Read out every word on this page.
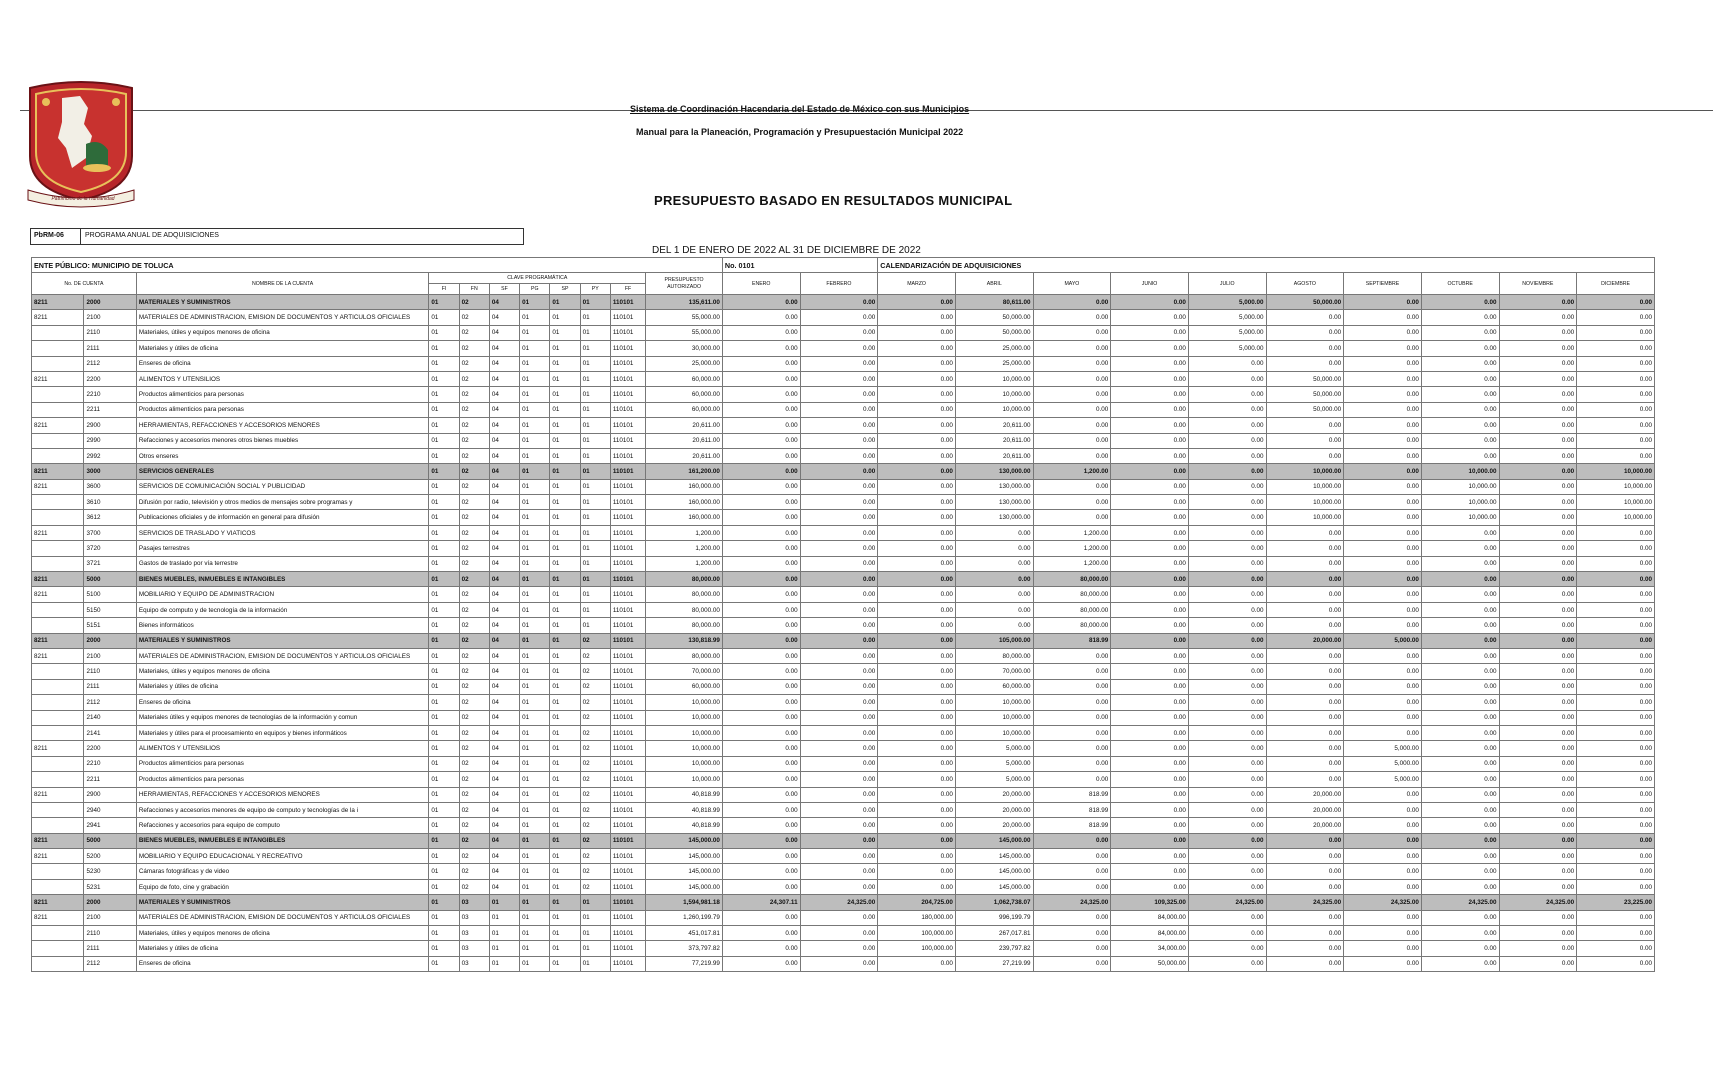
Patrimonio de la Humanidad
Sistema de Coordinación Hacendaria del Estado de México con sus Municipios
Manual para la Planeación, Programación y Presupuestación Municipal 2022
PRESUPUESTO BASADO EN RESULTADOS MUNICIPAL
PbRM-06	PROGRAMA ANUAL DE ADQUISICIONES
DEL 1 DE ENERO DE 2022 AL 31 DE DICIEMBRE DE 2022
ENTE PÚBLICO: MUNICIPIO DE TOLUCA											No. 0101		CALENDARIZACIÓN DE ADQUISICIONES									
No. DE CUENTA		NOMBRE DE LA CUENTA	CLAVE PROGRAMÁTICA							PRESUPUESTO AUTORIZADO	ENERO	FEBRERO	MARZO	ABRIL	MAYO	JUNIO	JULIO	AGOSTO	SEPTIEMBRE	OCTUBRE	NOVIEMBRE	DICIEMBRE
			FI	FN	SF	PG	SP	PY	FF													
8211	2000	MATERIALES Y SUMINISTROS	01	02	04	01	01	01	110101	135,611.00	0.00	0.00	0.00	80,611.00	0.00	0.00	5,000.00	50,000.00	0.00	0.00	0.00	0.00
8211	2100	MATERIALES DE ADMINISTRACION, EMISION DE DOCUMENTOS Y ARTICULOS OFICIALES	01	02	04	01	01	01	110101	55,000.00	0.00	0.00	0.00	50,000.00	0.00	0.00	5,000.00	0.00	0.00	0.00	0.00	0.00
	2110	Materiales, útiles y equipos menores de oficina	01	02	04	01	01	01	110101	55,000.00	0.00	0.00	0.00	50,000.00	0.00	0.00	5,000.00	0.00	0.00	0.00	0.00	0.00
	2111	Materiales y útiles de oficina	01	02	04	01	01	01	110101	30,000.00	0.00	0.00	0.00	25,000.00	0.00	0.00	5,000.00	0.00	0.00	0.00	0.00	0.00
	2112	Enseres de oficina	01	02	04	01	01	01	110101	25,000.00	0.00	0.00	0.00	25,000.00	0.00	0.00	0.00	0.00	0.00	0.00	0.00	0.00
8211	2200	ALIMENTOS Y UTENSILIOS	01	02	04	01	01	01	110101	60,000.00	0.00	0.00	0.00	10,000.00	0.00	0.00	0.00	50,000.00	0.00	0.00	0.00	0.00
	2210	Productos alimenticios para personas	01	02	04	01	01	01	110101	60,000.00	0.00	0.00	0.00	10,000.00	0.00	0.00	0.00	50,000.00	0.00	0.00	0.00	0.00
	2211	Productos alimenticios para personas	01	02	04	01	01	01	110101	60,000.00	0.00	0.00	0.00	10,000.00	0.00	0.00	0.00	50,000.00	0.00	0.00	0.00	0.00
8211	2900	HERRAMIENTAS, REFACCIONES Y ACCESORIOS MENORES	01	02	04	01	01	01	110101	20,611.00	0.00	0.00	0.00	20,611.00	0.00	0.00	0.00	0.00	0.00	0.00	0.00	0.00
	2990	Refacciones y accesorios menores otros bienes muebles	01	02	04	01	01	01	110101	20,611.00	0.00	0.00	0.00	20,611.00	0.00	0.00	0.00	0.00	0.00	0.00	0.00	0.00
	2992	Otros enseres	01	02	04	01	01	01	110101	20,611.00	0.00	0.00	0.00	20,611.00	0.00	0.00	0.00	0.00	0.00	0.00	0.00	0.00
8211	3000	SERVICIOS GENERALES	01	02	04	01	01	01	110101	161,200.00	0.00	0.00	0.00	130,000.00	1,200.00	0.00	0.00	10,000.00	0.00	10,000.00	0.00	10,000.00
8211	3600	SERVICIOS DE COMUNICACIÓN SOCIAL Y PUBLICIDAD	01	02	04	01	01	01	110101	160,000.00	0.00	0.00	0.00	130,000.00	0.00	0.00	0.00	10,000.00	0.00	10,000.00	0.00	10,000.00
	3610	Difusión por radio, televisión y otros medios de mensajes sobre programas y	01	02	04	01	01	01	110101	160,000.00	0.00	0.00	0.00	130,000.00	0.00	0.00	0.00	10,000.00	0.00	10,000.00	0.00	10,000.00
	3612	Publicaciones oficiales y de información en general para difusión	01	02	04	01	01	01	110101	160,000.00	0.00	0.00	0.00	130,000.00	0.00	0.00	0.00	10,000.00	0.00	10,000.00	0.00	10,000.00
8211	3700	SERVICIOS DE TRASLADO Y VIATICOS	01	02	04	01	01	01	110101	1,200.00	0.00	0.00	0.00	0.00	1,200.00	0.00	0.00	0.00	0.00	0.00	0.00	0.00
	3720	Pasajes terrestres	01	02	04	01	01	01	110101	1,200.00	0.00	0.00	0.00	0.00	1,200.00	0.00	0.00	0.00	0.00	0.00	0.00	0.00
	3721	Gastos de traslado por vía terrestre	01	02	04	01	01	01	110101	1,200.00	0.00	0.00	0.00	0.00	1,200.00	0.00	0.00	0.00	0.00	0.00	0.00	0.00
8211	5000	BIENES MUEBLES, INMUEBLES E INTANGIBLES	01	02	04	01	01	01	110101	80,000.00	0.00	0.00	0.00	0.00	80,000.00	0.00	0.00	0.00	0.00	0.00	0.00	0.00
8211	5100	MOBILIARIO Y EQUIPO DE ADMINISTRACION	01	02	04	01	01	01	110101	80,000.00	0.00	0.00	0.00	0.00	80,000.00	0.00	0.00	0.00	0.00	0.00	0.00	0.00
	5150	Equipo de computo y de tecnología de la información	01	02	04	01	01	01	110101	80,000.00	0.00	0.00	0.00	0.00	80,000.00	0.00	0.00	0.00	0.00	0.00	0.00	0.00
	5151	Bienes informáticos	01	02	04	01	01	01	110101	80,000.00	0.00	0.00	0.00	0.00	80,000.00	0.00	0.00	0.00	0.00	0.00	0.00	0.00
8211	2000	MATERIALES Y SUMINISTROS	01	02	04	01	01	02	110101	130,818.99	0.00	0.00	0.00	105,000.00	818.99	0.00	0.00	20,000.00	5,000.00	0.00	0.00	0.00
8211	2100	MATERIALES DE ADMINISTRACION, EMISION DE DOCUMENTOS Y ARTICULOS OFICIALES	01	02	04	01	01	02	110101	80,000.00	0.00	0.00	0.00	80,000.00	0.00	0.00	0.00	0.00	0.00	0.00	0.00	0.00
	2110	Materiales, útiles y equipos menores de oficina	01	02	04	01	01	02	110101	70,000.00	0.00	0.00	0.00	70,000.00	0.00	0.00	0.00	0.00	0.00	0.00	0.00	0.00
	2111	Materiales y útiles de oficina	01	02	04	01	01	02	110101	60,000.00	0.00	0.00	0.00	60,000.00	0.00	0.00	0.00	0.00	0.00	0.00	0.00	0.00
	2112	Enseres de oficina	01	02	04	01	01	02	110101	10,000.00	0.00	0.00	0.00	10,000.00	0.00	0.00	0.00	0.00	0.00	0.00	0.00	0.00
	2140	Materiales útiles y equipos menores de tecnologías de la información y comun	01	02	04	01	01	02	110101	10,000.00	0.00	0.00	0.00	10,000.00	0.00	0.00	0.00	0.00	0.00	0.00	0.00	0.00
	2141	Materiales y útiles para el procesamiento en equipos y bienes informáticos	01	02	04	01	01	02	110101	10,000.00	0.00	0.00	0.00	10,000.00	0.00	0.00	0.00	0.00	0.00	0.00	0.00	0.00
8211	2200	ALIMENTOS Y UTENSILIOS	01	02	04	01	01	02	110101	10,000.00	0.00	0.00	0.00	5,000.00	0.00	0.00	0.00	0.00	5,000.00	0.00	0.00	0.00
	2210	Productos alimenticios para personas	01	02	04	01	01	02	110101	10,000.00	0.00	0.00	0.00	5,000.00	0.00	0.00	0.00	0.00	5,000.00	0.00	0.00	0.00
	2211	Productos alimenticios para personas	01	02	04	01	01	02	110101	10,000.00	0.00	0.00	0.00	5,000.00	0.00	0.00	0.00	0.00	5,000.00	0.00	0.00	0.00
8211	2900	HERRAMIENTAS, REFACCIONES Y ACCESORIOS MENORES	01	02	04	01	01	02	110101	40,818.99	0.00	0.00	0.00	20,000.00	818.99	0.00	0.00	20,000.00	0.00	0.00	0.00	0.00
	2940	Refacciones y accesorios menores de equipo de computo y tecnologías de la i	01	02	04	01	01	02	110101	40,818.99	0.00	0.00	0.00	20,000.00	818.99	0.00	0.00	20,000.00	0.00	0.00	0.00	0.00
	2941	Refacciones y accesorios para equipo de computo	01	02	04	01	01	02	110101	40,818.99	0.00	0.00	0.00	20,000.00	818.99	0.00	0.00	20,000.00	0.00	0.00	0.00	0.00
8211	5000	BIENES MUEBLES, INMUEBLES E INTANGIBLES	01	02	04	01	01	02	110101	145,000.00	0.00	0.00	0.00	145,000.00	0.00	0.00	0.00	0.00	0.00	0.00	0.00	0.00
8211	5200	MOBILIARIO Y EQUIPO EDUCACIONAL Y RECREATIVO	01	02	04	01	01	02	110101	145,000.00	0.00	0.00	0.00	145,000.00	0.00	0.00	0.00	0.00	0.00	0.00	0.00	0.00
	5230	Cámaras fotográficas y de video	01	02	04	01	01	02	110101	145,000.00	0.00	0.00	0.00	145,000.00	0.00	0.00	0.00	0.00	0.00	0.00	0.00	0.00
	5231	Equipo de foto, cine y grabación	01	02	04	01	01	02	110101	145,000.00	0.00	0.00	0.00	145,000.00	0.00	0.00	0.00	0.00	0.00	0.00	0.00	0.00
8211	2000	MATERIALES Y SUMINISTROS	01	03	01	01	01	01	110101	1,594,981.18	24,307.11	24,325.00	204,725.00	1,062,738.07	24,325.00	109,325.00	24,325.00	24,325.00	24,325.00	24,325.00	24,325.00	23,225.00
8211	2100	MATERIALES DE ADMINISTRACION, EMISION DE DOCUMENTOS Y ARTICULOS OFICIALES	01	03	01	01	01	01	110101	1,260,199.79	0.00	0.00	180,000.00	996,199.79	0.00	84,000.00	0.00	0.00	0.00	0.00	0.00	0.00
	2110	Materiales, útiles y equipos menores de oficina	01	03	01	01	01	01	110101	451,017.81	0.00	0.00	100,000.00	267,017.81	0.00	84,000.00	0.00	0.00	0.00	0.00	0.00	0.00
	2111	Materiales y útiles de oficina	01	03	01	01	01	01	110101	373,797.82	0.00	0.00	100,000.00	239,797.82	0.00	34,000.00	0.00	0.00	0.00	0.00	0.00	0.00
	2112	Enseres de oficina	01	03	01	01	01	01	110101	77,219.99	0.00	0.00	0.00	27,219.99	0.00	50,000.00	0.00	0.00	0.00	0.00	0.00	0.00
